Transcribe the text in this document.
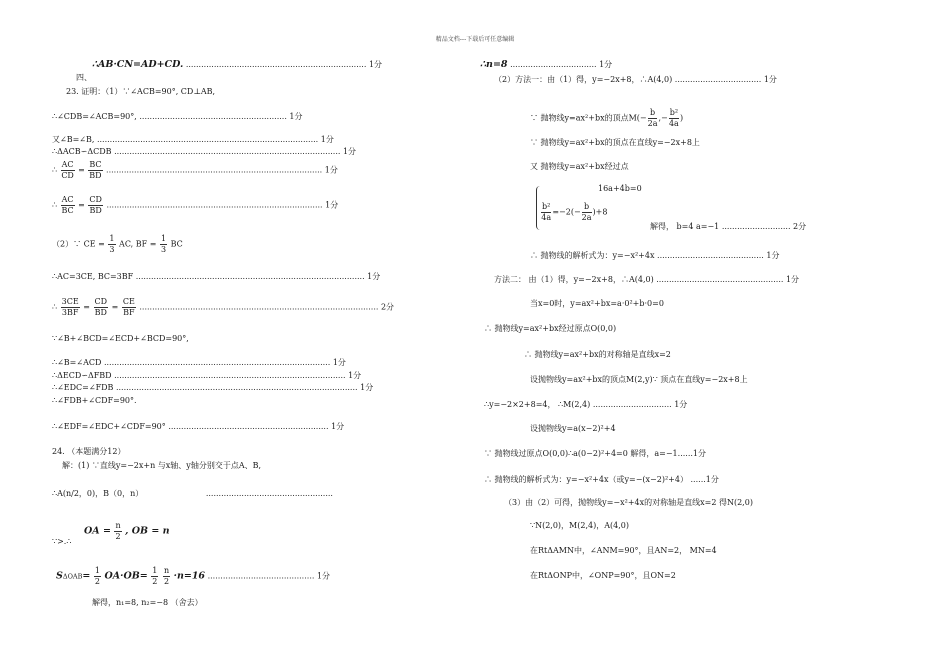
精品文档---下载后可任意编辑
∴AB·CN=AD+CD. ....................................................................... 1分
四、
23. 证明：（1）∵∠ACB=90°, CD⊥AB,
∴∠CDB=∠ACB=90°, .......................................................... 1分
又∠B=∠B, ....................................................................................... 1分
∴ΔACB∽ΔCDB ......................................................................................... 1分
∴ $\frac{AC}{CD} = \frac{BC}{BD}$ ..................................................................................... 1分
∴ $\frac{AC}{BC} = \frac{CD}{BD}$ ..................................................................................... 1分
（2）∵ CE = $\frac{1}{3}$ AC, BF = $\frac{1}{3}$ BC
∴AC=3CE, BC=3BF .......................................................................................... 1分
∴ $\frac{3CE}{3BF} = \frac{CD}{BD} = \frac{CE}{BF}$ .............................................................................................. 2分
∵∠B+∠BCD=∠ECD+∠BCD=90°,
∴∠B=∠ACD ......................................................................................... 1分
∴ΔECD∽ΔFBD ........................................................................................... 1分
∴∠EDC=∠FDB ............................................................................................... 1分
∴∠FDB+∠CDF=90°.
∴∠EDF=∠EDC+∠CDF=90° ............................................................... 1分
24. （本题满分12）
解：(1) ∵直线y=−2x+n 与x轴、y轴分别交于点A、B,
∴A(n/2，0)，B（0，n）	..................................................
OA = $\frac{n}{2}$ , OB = n
∵>.∴
$S\Delta OAB= \frac{1}{2} OA\cdot OB= \frac{1}{2}$
$\frac{n}{2} \cdot n=16$ .......................................... 1分
解得，n₁=8, n₂=−8 （舍去）
∴n=8 .................................. 1分
（2）方法一：由（1）得，y=−2x+8，∴A(4,0) .................................. 1分
∵ 抛物线y=ax²+bx的顶点$M(- \frac{b}{2a}$ ,− $\frac{\text{b²}}{4a}$ )
∵ 抛物线y=ax²+bx的顶点在直线y=−2x+8上
又 抛物线y=ax²+bx经过点
16a+4b=0
$\frac{\text{b²}}{4a} =-2(- \frac{b}{2a} )+8$
解得， b=4 a=−1 ........................... 2分
∴ 抛物线的解析式为：y=−x²+4x .......................................... 1分
方法二： 由（1）得，y=−2x+8，∴A(4,0) .................................................. 1分
当x=0时，y=ax²+bx=a·0²+b·0=0
∴ 抛物线y=ax²+bx经过原点O(0,0)
∴ 抛物线y=ax²+bx的对称轴是直线x=2
设抛物线y=ax²+bx的顶点M(2,y)∵ 顶点在直线y=−2x+8上
∴y=−2×2+8=4， ∴M(2,4) ............................... 1分
设抛物线y=a(x−2)²+4
∵ 抛物线过原点O(0,0)∴a(0−2)²+4=0 解得，a=−1......1分
∴ 抛物线的解析式为：y=−x²+4x（或y=−(x−2)²+4） ......1分
（3）由（2）可得，抛物线y=−x²+4x的对称轴是直线x=2 得N(2,0)
∵N(2,0)，M(2,4)，A(4,0)
在RtΔAMN中，∠ANM=90°，且AN=2， MN=4
在RtΔONP中，∠ONP=90°，且ON=2
